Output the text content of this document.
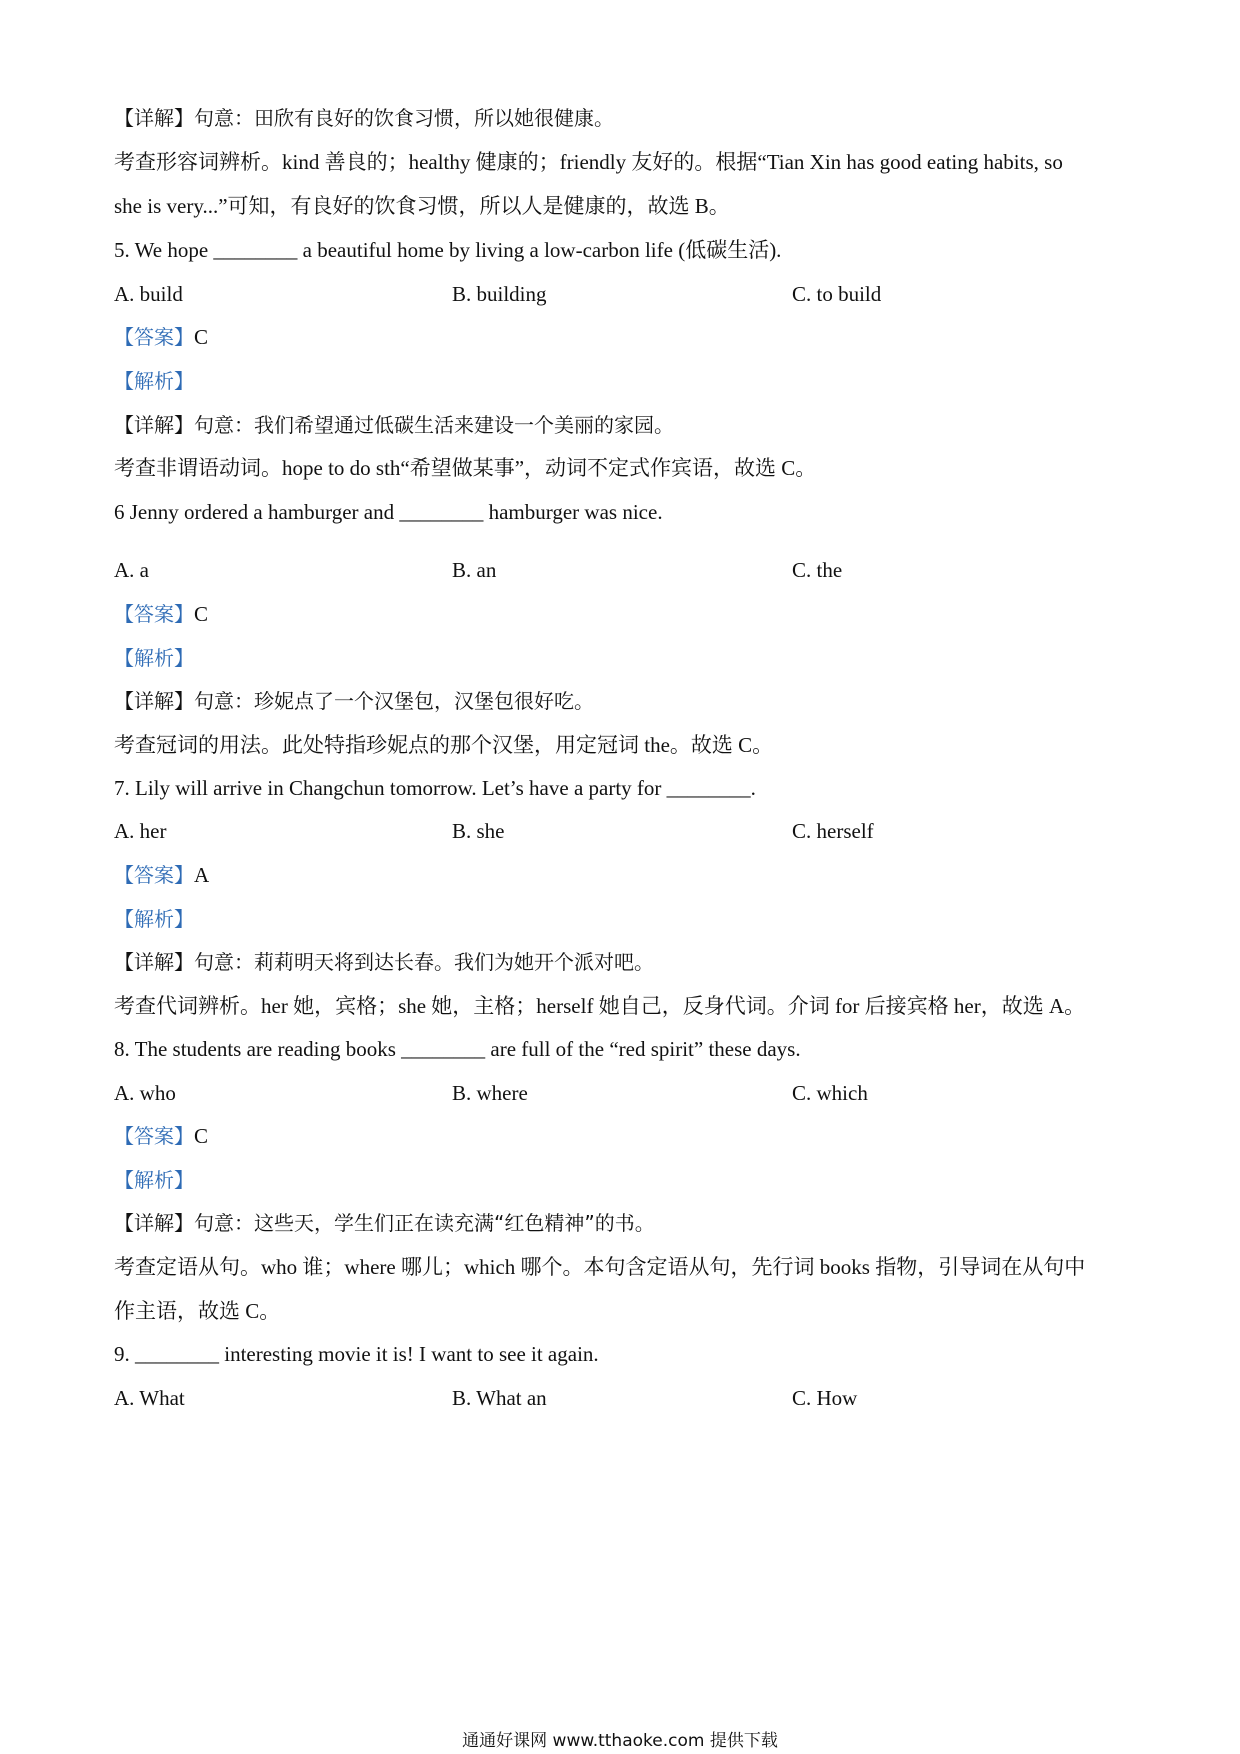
【详解】句意：田欣有良好的饮食习惯，所以她很健康。
考查形容词辨析。kind 善良的；healthy 健康的；friendly 友好的。根据“Tian Xin has good eating habits, so
she is very...”可知，有良好的饮食习惯，所以人是健康的，故选 B。
5. We hope ________ a beautiful home by living a low-carbon life (低碳生活).
A. build	B. building	C. to build
【答案】C
【解析】
【详解】句意：我们希望通过低碳生活来建设一个美丽的家园。
考查非谓语动词。hope to do sth“希望做某事”，动词不定式作宾语，故选 C。
6 Jenny ordered a hamburger and ________ hamburger was nice.
A. a	B. an	C. the
【答案】C
【解析】
【详解】句意：珍妮点了一个汉堡包，汉堡包很好吃。
考查冠词的用法。此处特指珍妮点的那个汉堡，用定冠词 the。故选 C。
7. Lily will arrive in Changchun tomorrow. Let’s have a party for ________.
A. her	B. she	C. herself
【答案】A
【解析】
【详解】句意：莉莉明天将到达长春。我们为她开个派对吧。
考查代词辨析。her 她，宾格；she 她，主格；herself 她自己，反身代词。介词 for 后接宾格 her，故选 A。
8. The students are reading books ________ are full of the “red spirit” these days.
A. who	B. where	C. which
【答案】C
【解析】
【详解】句意：这些天，学生们正在读充满“红色精神”的书。
考查定语从句。who 谁；where 哪儿；which 哪个。本句含定语从句，先行词 books 指物，引导词在从句中
作主语，故选 C。
9. ________ interesting movie it is! I want to see it again.
A. What	B. What an	C. How
通通好课网 www.tthaoke.com 提供下载
